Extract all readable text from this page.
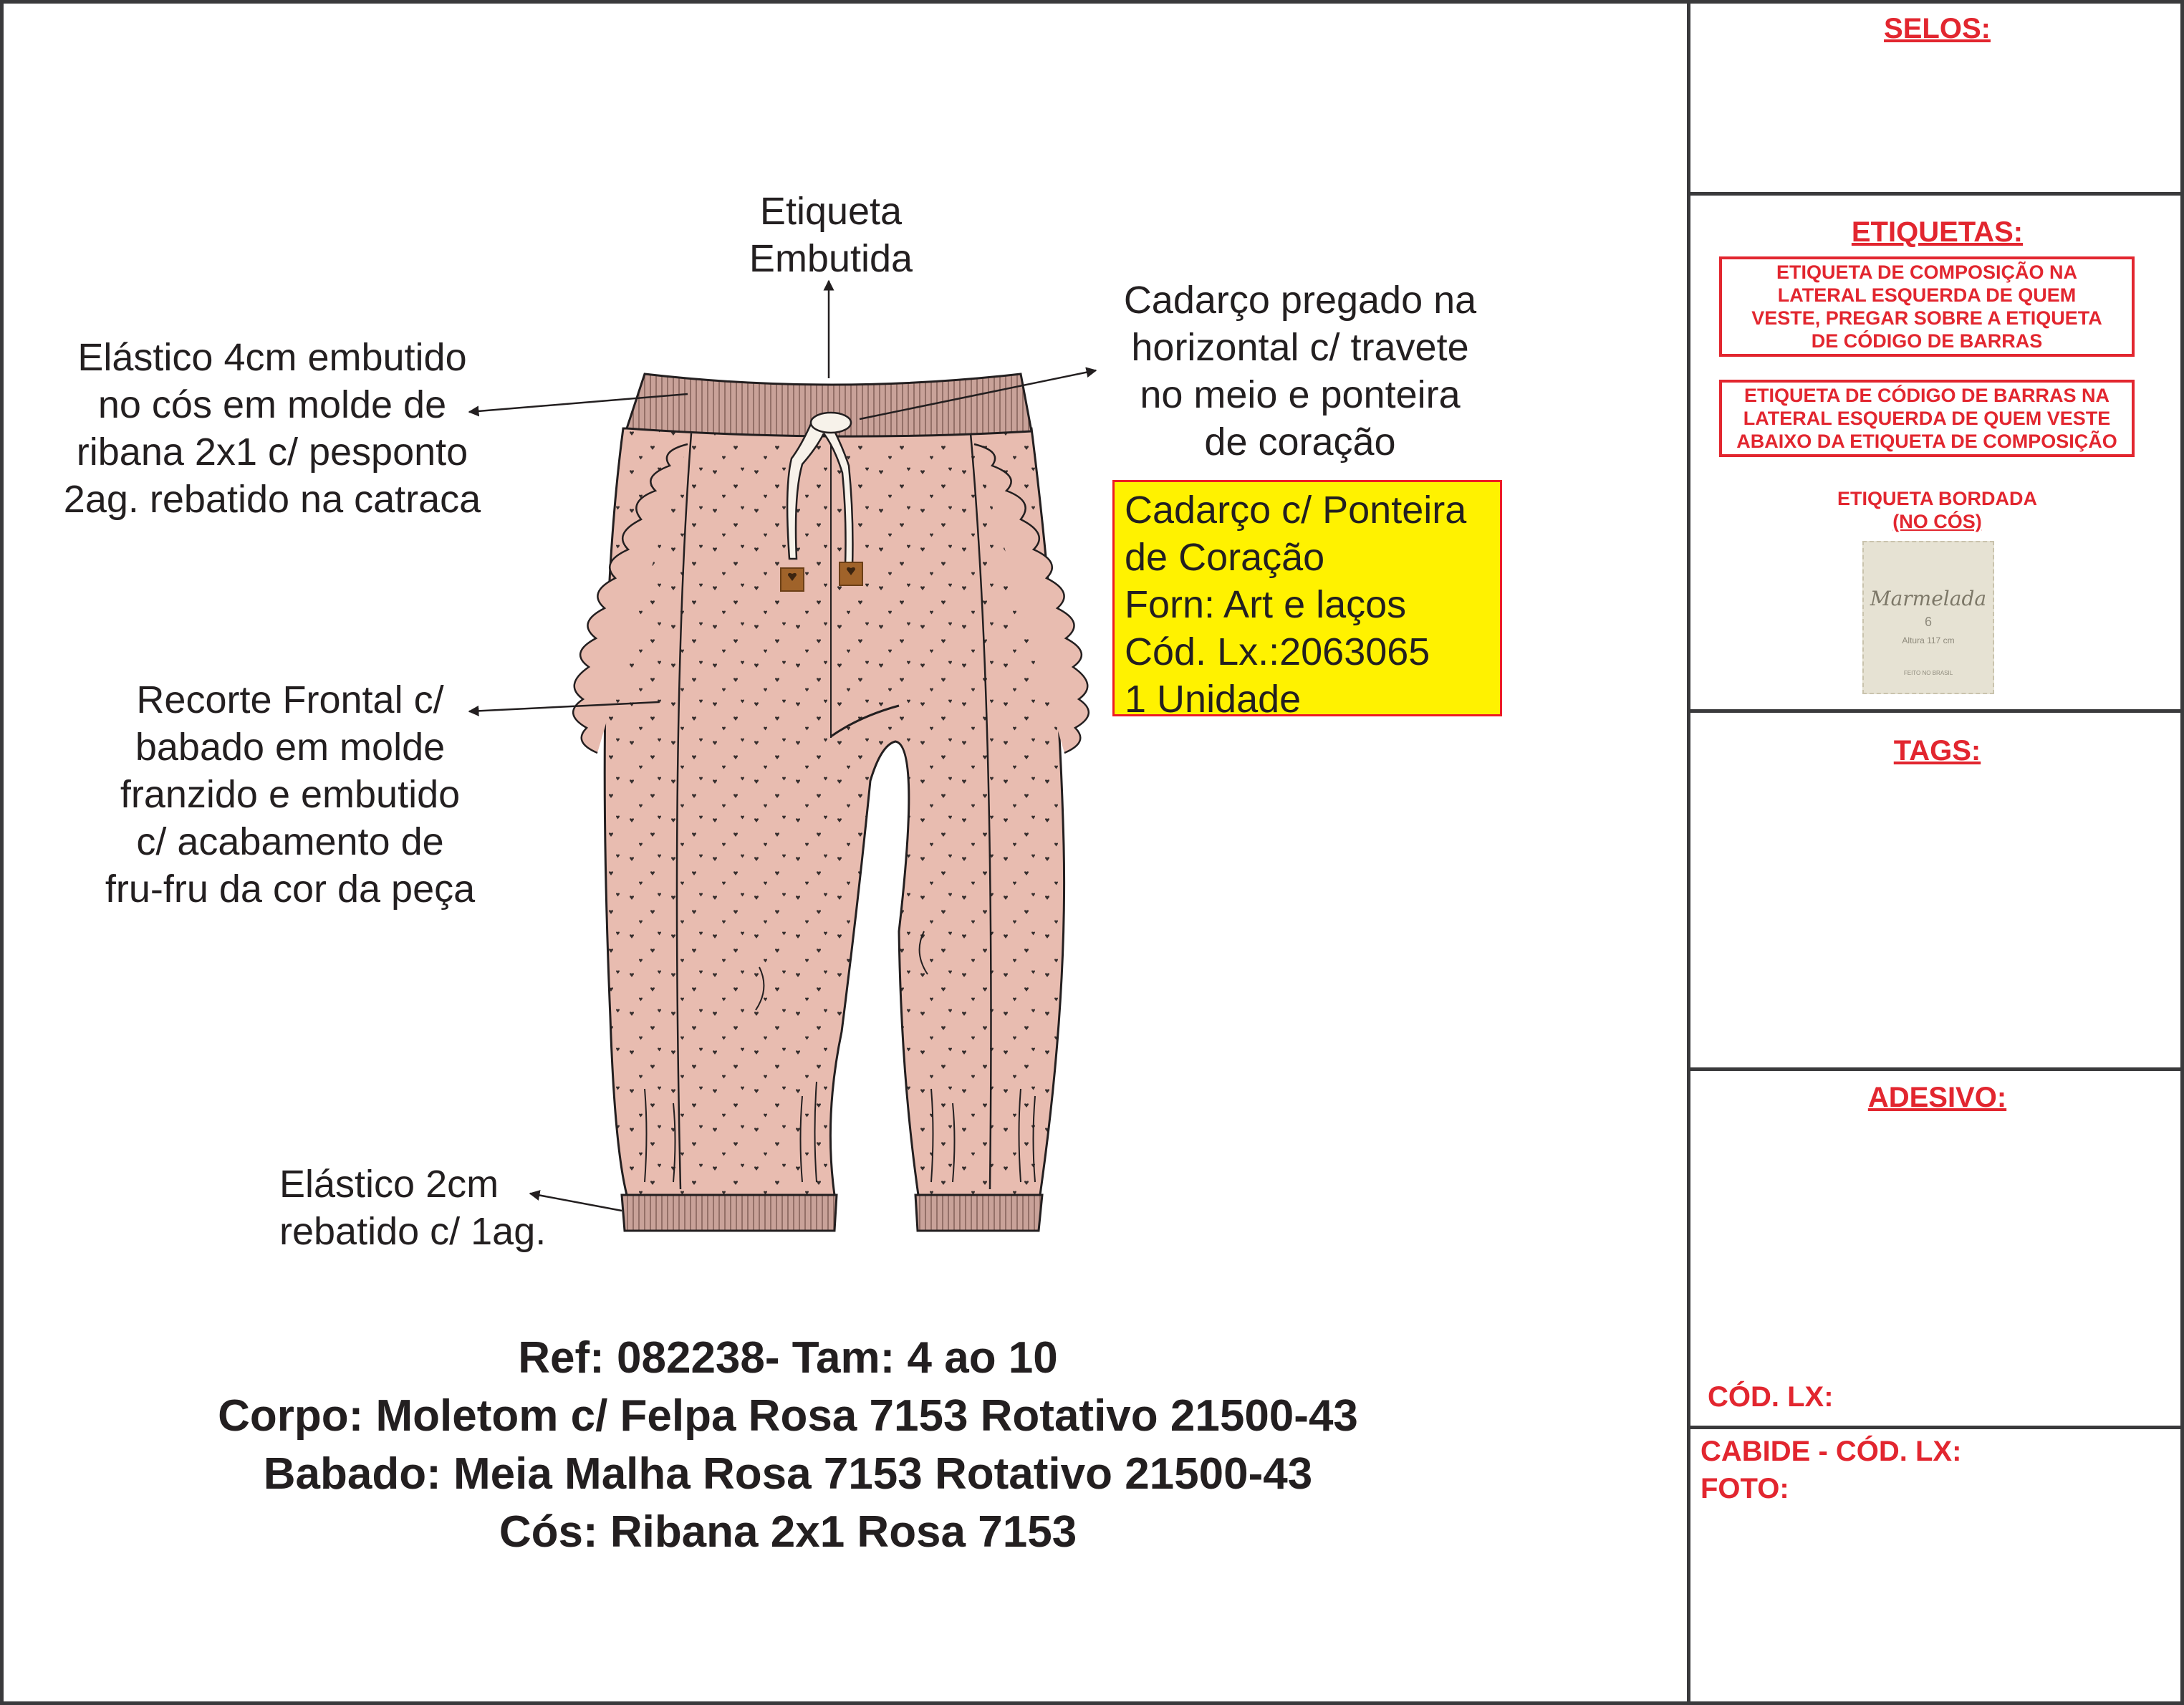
Etiqueta
Embutida
Elástico 4cm embutido
no cós em molde de
ribana 2x1 c/ pesponto
2ag. rebatido na catraca
Cadarço pregado na
horizontal c/ travete
no meio e ponteira
de coração
Recorte Frontal c/
babado em molde
franzido e embutido
c/ acabamento de
fru-fru da cor da peça
Elástico 2cm
rebatido c/ 1ag.
Cadarço c/ Ponteira
de Coração
Forn: Art e laços
Cód. Lx.:2063065
1 Unidade
Ref: 082238- Tam: 4 ao 10
Corpo: Moletom c/ Felpa Rosa 7153 Rotativo 21500-43
Babado: Meia Malha Rosa 7153 Rotativo 21500-43
Cós: Ribana 2x1 Rosa 7153
SELOS:
ETIQUETAS:
ETIQUETA DE COMPOSIÇÃO NA
LATERAL ESQUERDA DE QUEM
VESTE, PREGAR SOBRE A ETIQUETA
DE CÓDIGO DE BARRAS
ETIQUETA DE CÓDIGO DE BARRAS NA
LATERAL ESQUERDA DE QUEM VESTE
ABAIXO DA ETIQUETA DE COMPOSIÇÃO
ETIQUETA BORDADA
(NO CÓS)
Marmelada
6
Altura 117 cm
FEITO NO BRASIL
TAGS:
ADESIVO:
CÓD. LX:
CABIDE - CÓD. LX:
FOTO:
